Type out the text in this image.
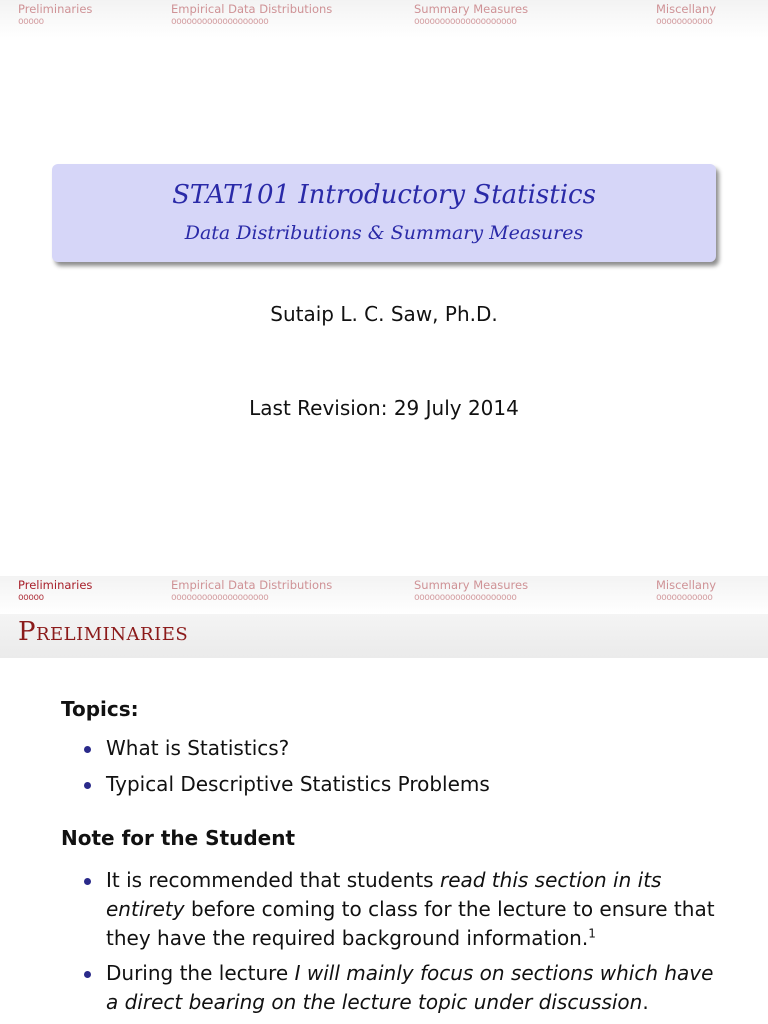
Preliminaries
ooooo
Empirical Data Distributions
ooooooooooooooooooo
Summary Measures
oooooooooooooooooooo
Miscellany
ooooooooooo
STAT101 Introductory Statistics
Data Distributions & Summary Measures
Sutaip L. C. Saw, Ph.D.
Last Revision: 29 July 2014
Preliminaries
ooooo
Empirical Data Distributions
ooooooooooooooooooo
Summary Measures
oooooooooooooooooooo
Miscellany
ooooooooooo
Preliminaries
Topics:
What is Statistics?
Typical Descriptive Statistics Problems
Note for the Student
It is recommended that students read this section in its entirety before coming to class for the lecture to ensure that they have the required background information.$^1$
During the lecture I will mainly focus on sections which have a direct bearing on the lecture topic under discussion.
